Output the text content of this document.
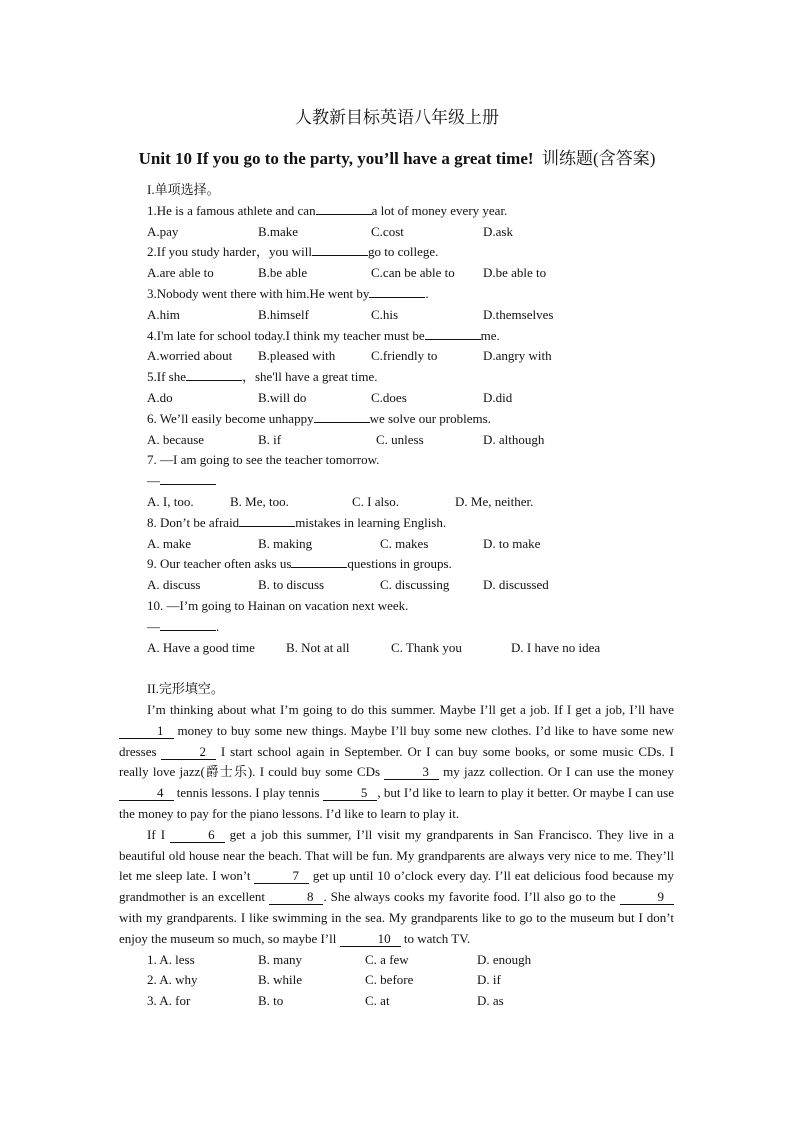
人教新目标英语八年级上册
Unit 10 If you go to the party, you’ll have a great time! 训练题(含答案)
I.单项选择。
1.He is a famous athlete and can	a lot of money every year.
A.pay	B.make	C.cost	D.ask
2.If you study harder，you will	go to college.
A.are able to	B.be able	C.can be able to D.be able to
3.Nobody went there with him.He went by	.
A.him	B.himself	C.his	D.themselves
4.I'm late for school today.I think my teacher must be	me.
A.worried about B.pleased with	C.friendly to	D.angry with
5.If she	，she'll have a great time.
A.do	B.will do	C.does	D.did
6. We’ll easily become unhappy	we solve our problems.
A. because	B. if	C. unless	D. although
7. —I am going to see the teacher tomorrow.
—
A. I, too.	B. Me, too.	C. I also.	D. Me, neither.
8. Don’t be afraid	mistakes in learning English.
A. make	B. making	C. makes	D. to make
9. Our teacher often asks us	questions in groups.
A. discuss	B. to discuss	C. discussing	D. discussed
10. —I’m going to Hainan on vacation next week.
—	.
A. Have a good time B. Not at all	C. Thank you	D. I have no idea
II.完形填空。
I’m thinking about what I’m going to do this summer. Maybe I’ll get a job. If I get a job, I’ll have 1 money to buy some new things. Maybe I’ll buy some new clothes. I’d like to have some new dresses	2 I start school again in September. Or I can buy some books, or some music CDs. I really love jazz(爵士乐). I could buy some CDs	3 my jazz collection. Or I can use the money 4 tennis lessons. I play tennis	5 , but I’d like to learn to play it better. Or maybe I can use the money to pay for the piano lessons. I’d like to learn to play it.
If I	6 get a job this summer, I’ll visit my grandparents in San Francisco. They live in a beautiful old house near the beach. That will be fun. My grandparents are always very nice to me. They’ll let me sleep late. I won’t	7 get up until 10 o’clock every day. I’ll eat delicious food because my grandmother is an excellent	8 . She always cooks my favorite food. I’ll also go to the	9 with my grandparents. I like swimming in the sea. My grandparents like to go to the museum but I don’t enjoy the museum so much, so maybe I’ll	10 to watch TV.
1. A. less	B. many	C. a few	D. enough
2. A. why	B. while	C. before	D. if
3. A. for	B. to	C. at	D. as
